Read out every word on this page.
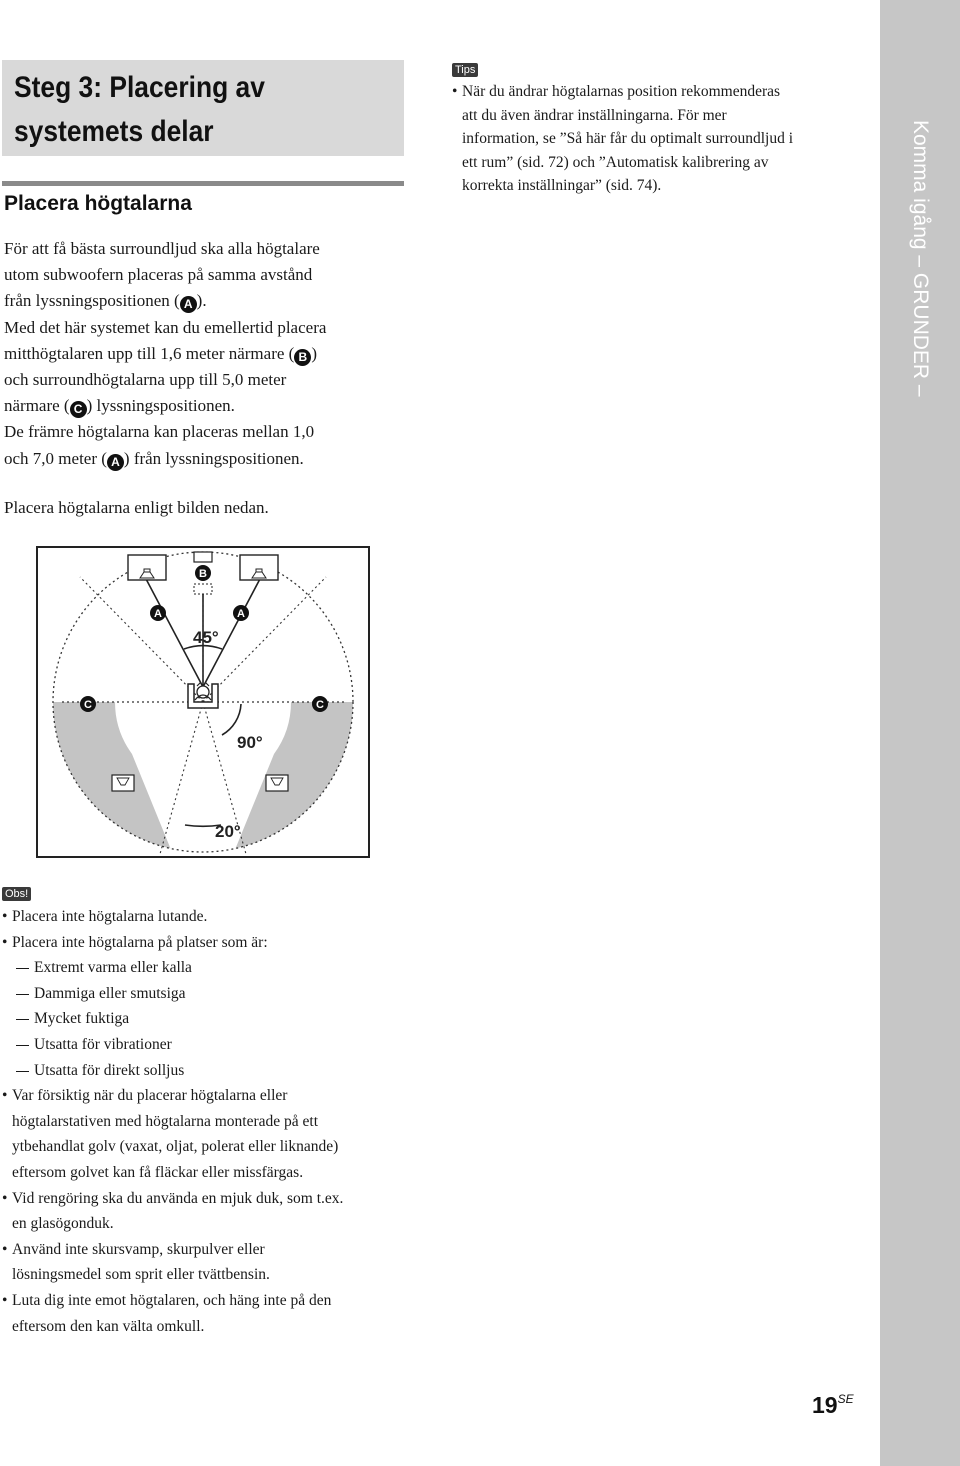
Steg 3: Placering av
systemets delar
Placera högtalarna
För att få bästa surroundljud ska alla högtalare
utom subwoofern placeras på samma avstånd
från lyssningspositionen ( A ).
Med det här systemet kan du emellertid placera
mitthögtalaren upp till 1,6 meter närmare ( B )
och surroundhögtalarna upp till 5,0 meter
närmare ( C ) lyssningspositionen.
De främre högtalarna kan placeras mellan 1,0
och 7,0 meter ( A ) från lyssningspositionen.
Placera högtalarna enligt bilden nedan.
B
A	A
C	C
45°
90°
20°
Tips
• När du ändrar högtalarnas position rekommenderas
att du även ändrar inställningarna. För mer
information, se ”Så här får du optimalt surroundljud i
ett rum” (sid. 72) och ”Automatisk kalibrering av
korrekta inställningar” (sid. 74).
Obs!
• Placera inte högtalarna lutande.
• Placera inte högtalarna på platser som är:
Extremt varma eller kalla
Dammiga eller smutsiga
Mycket fuktiga
Utsatta för vibrationer
Utsatta för direkt solljus
• Var försiktig när du placerar högtalarna eller
högtalarstativen med högtalarna monterade på ett
ytbehandlat golv (vaxat, oljat, polerat eller liknande)
eftersom golvet kan få fläckar eller missfärgas.
• Vid rengöring ska du använda en mjuk duk, som t.ex.
en glasögonduk.
• Använd inte skursvamp, skurpulver eller
lösningsmedel som sprit eller tvättbensin.
• Luta dig inte emot högtalaren, och häng inte på den
eftersom den kan välta omkull.
Komma igång – GRUNDER –
$19^{SE}$
